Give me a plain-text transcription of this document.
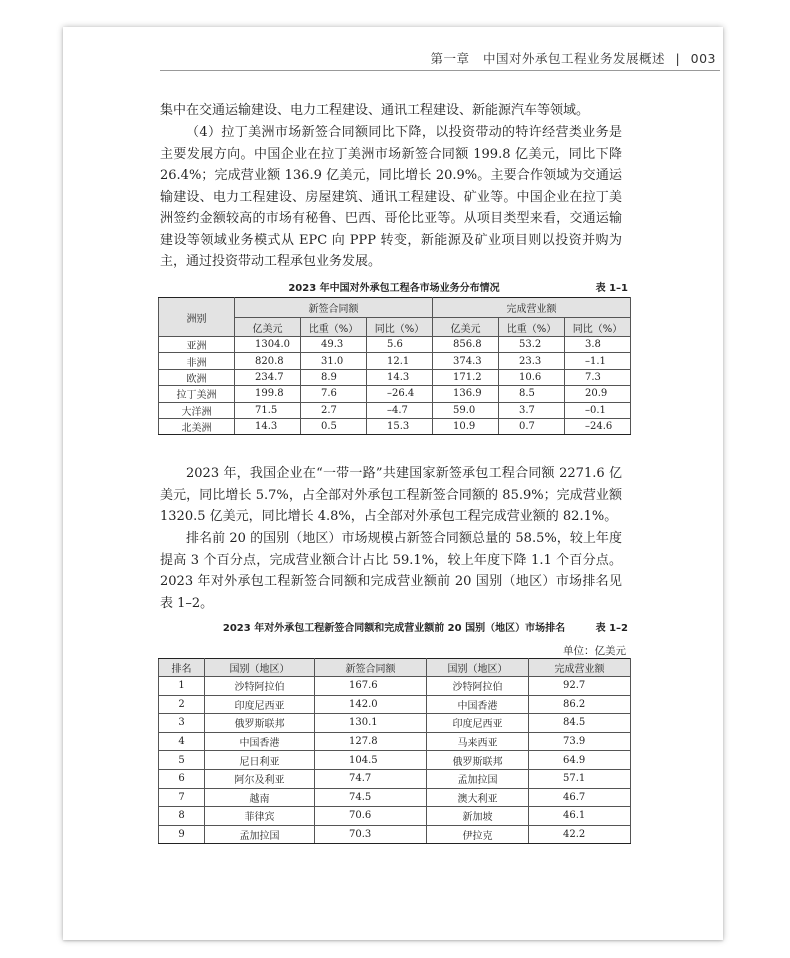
第一章 中国对外承包工程业务发展概述 | 003

集中在交通运输建设、电力工程建设、通讯工程建设、新能源汽车等领域。

（4）拉丁美洲市场新签合同额同比下降，以投资带动的特许经营类业务是主要发展方向。中国企业在拉丁美洲市场新签合同额 199.8 亿美元，同比下降 26.4%；完成营业额 136.9 亿美元，同比增长 20.9%。主要合作领域为交通运输建设、电力工程建设、房屋建筑、通讯工程建设、矿业等。中国企业在拉丁美洲签约金额较高的市场有秘鲁、巴西、哥伦比亚等。从项目类型来看，交通运输建设等领域业务模式从 EPC 向 PPP 转变，新能源及矿业项目则以投资并购为主，通过投资带动工程承包业务发展。

2023 年中国对外承包工程各市场业务分布情况	表 1–1
洲别	新签合同额			完成营业额		
	亿美元	比重（%）	同比（%）	亿美元	比重（%）	同比（%）
亚洲	1304.0	49.3	5.6	856.8	53.2	3.8
非洲	820.8	31.0	12.1	374.3	23.3	–1.1
欧洲	234.7	8.9	14.3	171.2	10.6	7.3
拉丁美洲	199.8	7.6	–26.4	136.9	8.5	20.9
大洋洲	71.5	2.7	–4.7	59.0	3.7	–0.1
北美洲	14.3	0.5	15.3	10.9	0.7	–24.6

2023 年，我国企业在“一带一路”共建国家新签承包工程合同额 2271.6 亿美元，同比增长 5.7%，占全部对外承包工程新签合同额的 85.9%；完成营业额 1320.5 亿美元，同比增长 4.8%，占全部对外承包工程完成营业额的 82.1%。

排名前 20 的国别（地区）市场规模占新签合同额总量的 58.5%，较上年度提高 3 个百分点，完成营业额合计占比 59.1%，较上年度下降 1.1 个百分点。2023 年对外承包工程新签合同额和完成营业额前 20 国别（地区）市场排名见表 1–2。

2023 年对外承包工程新签合同额和完成营业额前 20 国别（地区）市场排名	表 1–2
单位：亿美元
排名	国别（地区）	新签合同额	国别（地区）	完成营业额
1	沙特阿拉伯	167.6	沙特阿拉伯	92.7
2	印度尼西亚	142.0	中国香港	86.2
3	俄罗斯联邦	130.1	印度尼西亚	84.5
4	中国香港	127.8	马来西亚	73.9
5	尼日利亚	104.5	俄罗斯联邦	64.9
6	阿尔及利亚	74.7	孟加拉国	57.1
7	越南	74.5	澳大利亚	46.7
8	菲律宾	70.6	新加坡	46.1
9	孟加拉国	70.3	伊拉克	42.2
